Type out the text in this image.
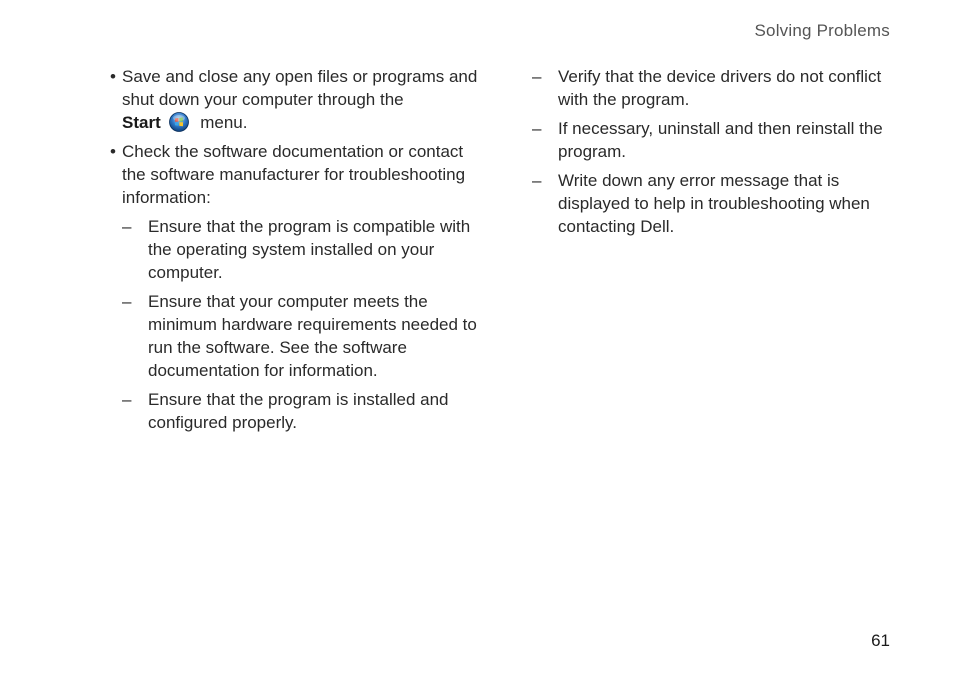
Solving Problems
• Save and close any open files or programs and shut down your computer through the
Start menu.
• Check the software documentation or contact the software manufacturer for troubleshooting information:
– Ensure that the program is compatible with the operating system installed on your computer.
– Ensure that your computer meets the minimum hardware requirements needed to run the software. See the software documentation for information.
– Ensure that the program is installed and configured properly.
– Verify that the device drivers do not conflict with the program.
– If necessary, uninstall and then reinstall the program.
– Write down any error message that is displayed to help in troubleshooting when contacting Dell.
61
